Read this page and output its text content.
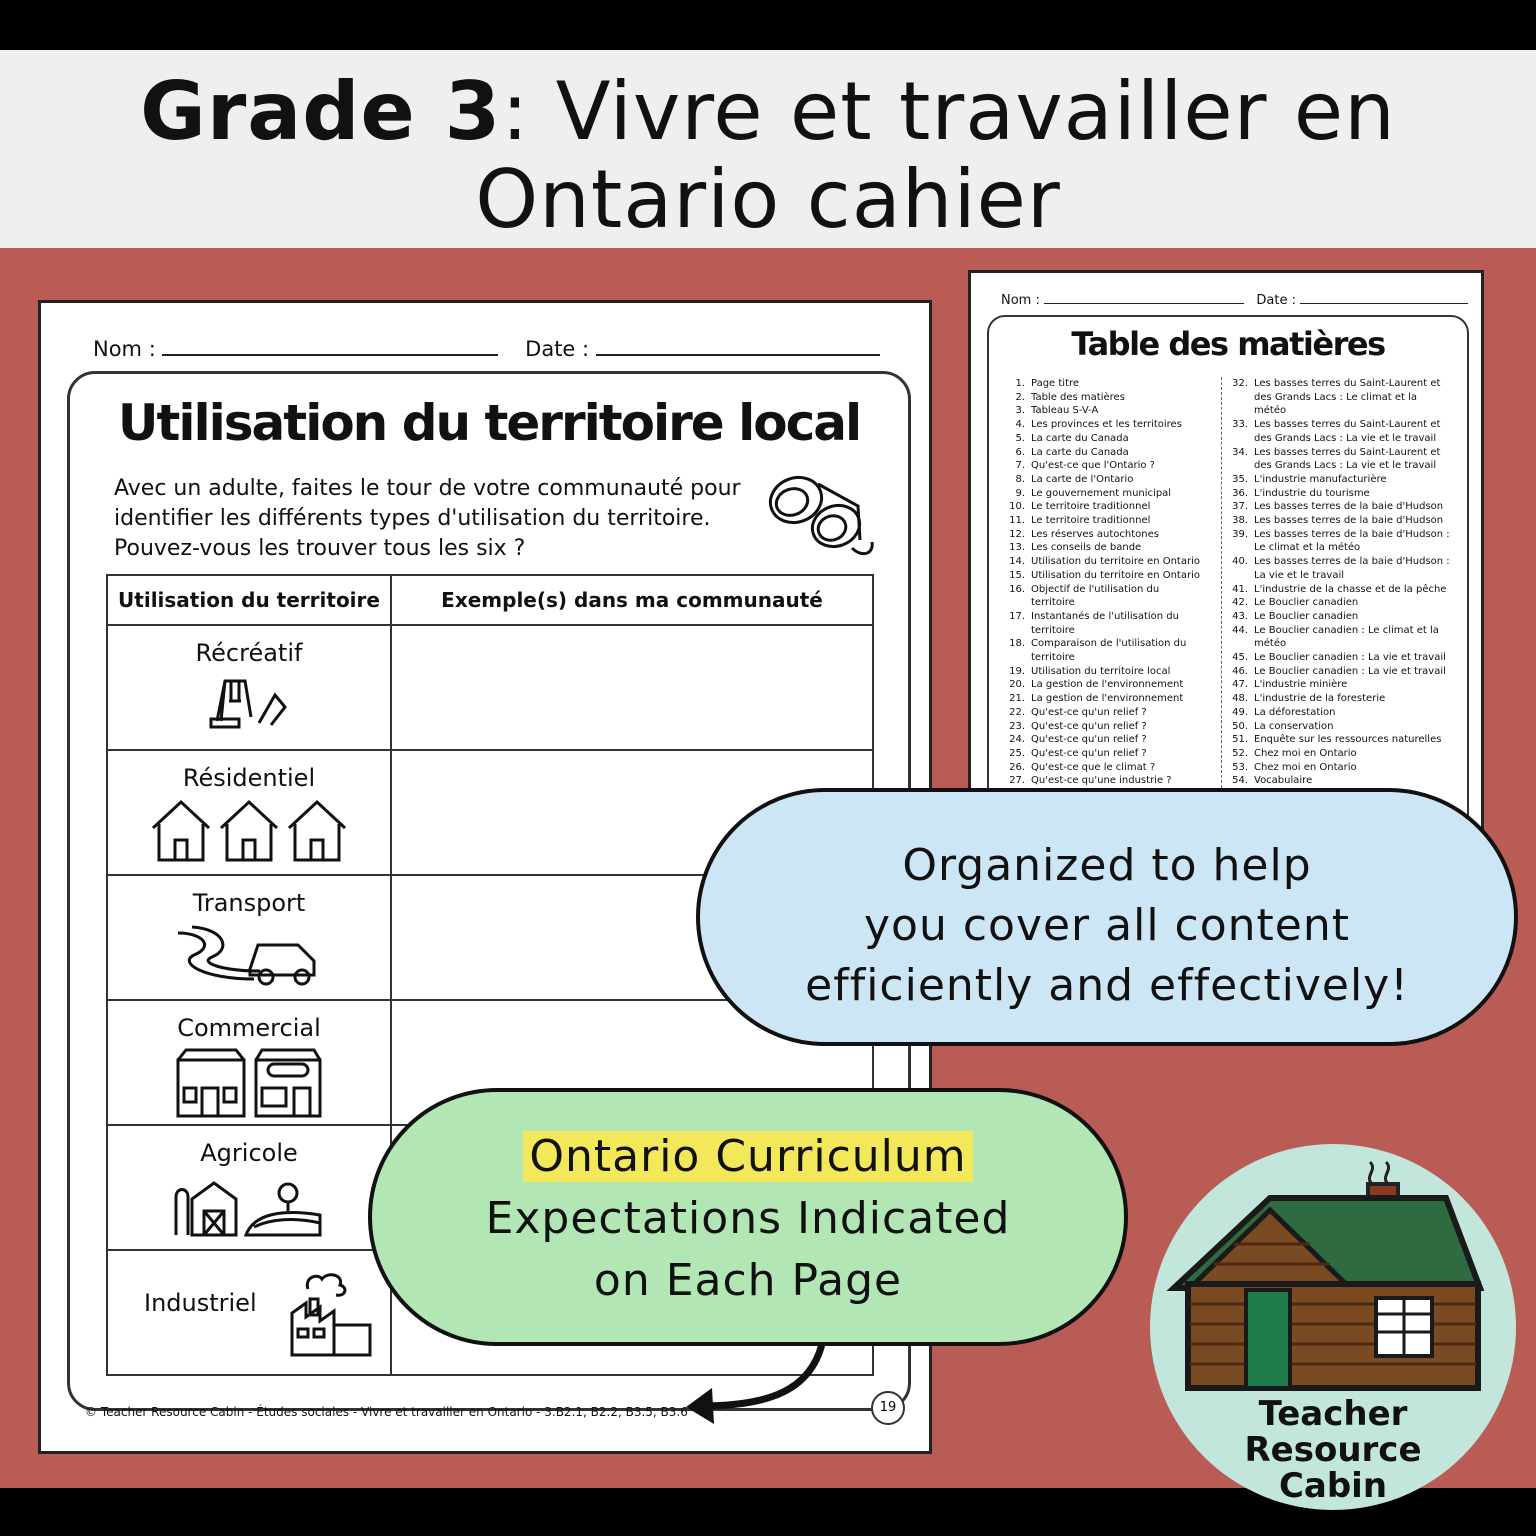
Grade 3: Vivre et travailler en
Ontario cahier
Nom :	Date :
Table des matières
1. Page titre
2. Table des matières
3. Tableau S-V-A
4. Les provinces et les territoires
5. La carte du Canada
6. La carte du Canada
7. Qu'est-ce que l'Ontario ?
8. La carte de l'Ontario
9. Le gouvernement municipal
10. Le territoire traditionnel
11. Le territoire traditionnel
12. Les réserves autochtones
13. Les conseils de bande
14. Utilisation du territoire en Ontario
15. Utilisation du territoire en Ontario
16. Objectif de l'utilisation du
territoire
17. Instantanés de l'utilisation du
territoire
18. Comparaison de l'utilisation du
territoire
19. Utilisation du territoire local
20. La gestion de l'environnement
21. La gestion de l'environnement
22. Qu'est-ce qu'un relief ?
23. Qu'est-ce qu'un relief ?
24. Qu'est-ce qu'un relief ?
25. Qu'est-ce qu'un relief ?
26. Qu'est-ce que le climat ?
27. Qu'est-ce qu'une industrie ?
32. Les basses terres du Saint-Laurent et
des Grands Lacs : Le climat et la
météo
33. Les basses terres du Saint-Laurent et
des Grands Lacs : La vie et le travail
34. Les basses terres du Saint-Laurent et
des Grands Lacs : La vie et le travail
35. L'industrie manufacturière
36. L'industrie du tourisme
37. Les basses terres de la baie d'Hudson
38. Les basses terres de la baie d'Hudson
39. Les basses terres de la baie d'Hudson :
Le climat et la météo
40. Les basses terres de la baie d'Hudson :
La vie et le travail
41. L'industrie de la chasse et de la pêche
42. Le Bouclier canadien
43. Le Bouclier canadien
44. Le Bouclier canadien : Le climat et la
météo
45. Le Bouclier canadien : La vie et travail
46. Le Bouclier canadien : La vie et travail
47. L'industrie minière
48. L'industrie de la foresterie
49. La déforestation
50. La conservation
51. Enquête sur les ressources naturelles
52. Chez moi en Ontario
53. Chez moi en Ontario
54. Vocabulaire
Nom :	Date :
Utilisation du territoire local
Avec un adulte, faites le tour de votre communauté pour identifier les différents types d'utilisation du territoire. Pouvez-vous les trouver tous les six ?
Utilisation du territoire	Exemple(s) dans ma communauté

Récréatif	

Résidentiel	

Transport	

Commercial	

Agricole	

Industriel	

© Teacher Resource Cabin - Études sociales - Vivre et travailler en Ontario - 3.B2.1, B2.2, B3.5, B3.6	19
Organized to help
you cover all content
efficiently and effectively!
Ontario Curriculum
Expectations Indicated
on Each Page
Teacher
Resource
Cabin
